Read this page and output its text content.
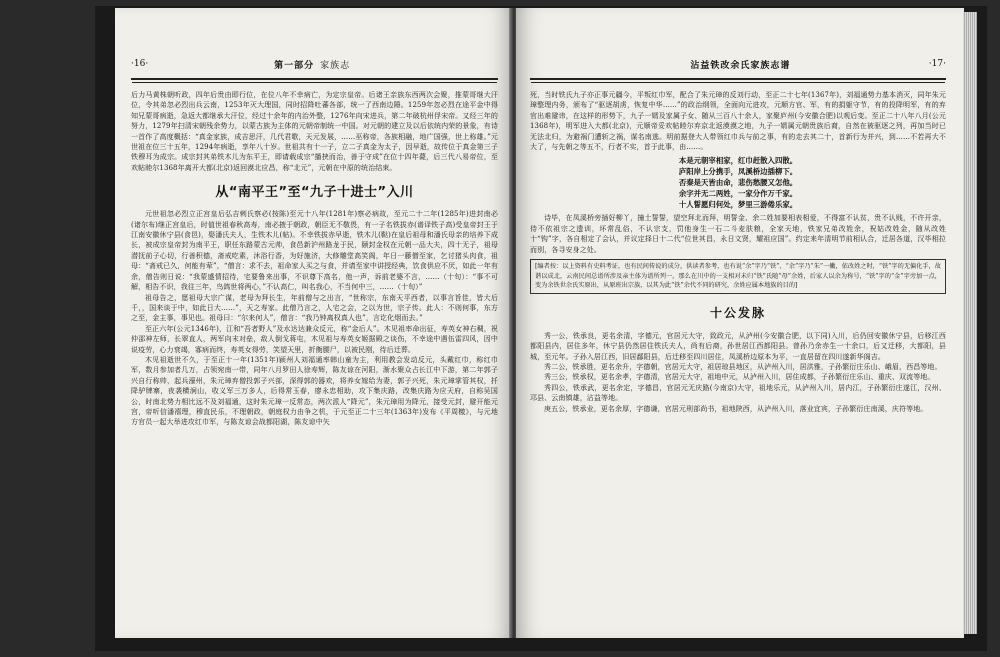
·16·	第一部分 家族志

后力马黄株朝听政，四年后贵由即行位，在位八年不幸病亡，为定宗皇帝。后诸王亲族东西两次会聚，推蒙哥继大汗位，令其弟忽必烈出兵云南，1253年灭大理国，同时招降吐蕃各部，统一了西南边陲。1259年忽必烈在途平金中得知兄蒙哥病逝，急返大都继承大汗位，经过十余年的内治外整，1276年向宋进兵，第二年破杭州俘宋帝。又经三年的努力，1279年扫清宋朝残余势力，以蒙古族为主体的元朝帝制统一中国。对元朝的建立及以后依统内荣的景象，有诗一首作了高度概括：“真金家族，成吉思汗，几代君歌，天元发展，……巫称帝，各族相融，地广国强，世上称雄。”元世祖在位三十五年，1294年病逝，享年八十岁。世祖共有十一子，立二子真金为太子，因早逝，故传位于真金第三子铁穆耳为成宗。成宗封其弟铁木儿为东平王，即请载成宗“播挟而治，善于守成”在位十四年薨，后三代八易帝位，至欢帖睦尔1368年离开大都(北京)返回漠北应昌，称“北元”，元朝在中原的统治结束。

从“南平王”至“九子十进士”入川

元世祖忽必烈立正宫皇后弘吉剌氏察必(按陈)至元十八年(1281年)察必病故，至元二十二年(1285年)进封南必(诸尔布)继正宫皇后，时值世祖春秋高寿，南必掖于朝政，朝臣无不敬畏，有一子名铁拔赤(谱译铁子高)受皇帝封王于江南安徽休宁县(食邑)，娶潘氏夫人，生铁木儿(帖)。不幸铁拔赤早逝，铁木儿(鞑)在皇后祖母和潘氏母亲的培养下成长，被成宗皇帝封为南平王，职任东路蒙古元帅，食邑新沪州路龙于民，颐封金权在元朝一品大夫，四十无子，祖母潜抚前子心切，行善积德，斋戒吃素，沐浴行香，为好施济，大修雕堂高笑阁，年日一藤僧至家，乞讨猪头肉食，祖母：“斋戒已久，何能有荤”，“僧言：求不去，祖命家人买之与食，并请至家中讲授经典，饮食供应不厌，如此一年有余，僧告则日说：“我蒙盛情招待，宅要鲁来出事，不识尊下高名，他一声，诉前老婆不言，……（十旬）：“事不可解，相告不识，我往三年，鸟鸽世将两心，”不认高仁，叫名我心，不当何中三，……（十旬）”

祖母告之，愿祖母大宗广谋，老母为拜长生，年前僧与之出言，“世称宗，东南天平西者，以事言旨佳，皆大后千，，国来谈于中，如此日大……”，天之寿家。此僧乃言之，人宅之会，之以为世，宗子传。此人：不则何事，东方之至，金主事，事见也。祖母曰：“尔来何人”，僧言：“我乃钟离权真人也”，言讫化烟而去。”

至正六年(公元1346年)，江和“吾者野人”及水达达兼众反元，称“金后人”。木见祖率命出征，寿英女神右稠，祝仲邵神左师，长翠直人，两军向末对垒，敌人倒戈蒋屯，木见祖与寿英女姬据殿之谈伤，不幸途中遇伍雷四风，因中说疫劳，心力衰竭，寡病而终，寿英女得劳，笑望天里，折衡腰尸，以被民刚，待后迁葬。

木见祖逝世不久，于至正十一年(1351年)颍州人刘福通率韩山童为主，利用教会发动反元，头戴红巾，称红巾军，数月参加者几万，占领宛南一带，同年八月罗田人徐寿辉，陈友谅在河阳，渐水聚众占长江中下游，第二年郭子兴自行称帅，起兵濠州，朱元璋弃僧投郭子兴部，深得郭的器欢，将养女嫁给为妻，郭子兴死，朱元璋掌管其权，扦降驴牌寨，夜袭横涧山，收义军三万多人，后得常玉春，廖永忠相助，攻下集庆路，改集庆路为应天府，自称吴国公，时南北势力相比远不及刘福通，这时朱元璋一反常态，两次派人“降元”，朱元璋用为降元，接受元封，避开能元宫，帝听信潘禧理，穆直民乐，不理朝政，朝庭权力由争之机，于元至正二十三年(1363年)发布《平周檄》，与元地方官员一起大举进攻红巾军，与陈友谅会战都阳湖，陈友谅中矢

沾益铁改余氏家族志谱	·17·

死，当时铁氏九子亦正事元疆今，平叛红巾军，配合了朱元璋的反刘行动，至正二十七年(1367年)，刘福通势力基本消灭，同年朱元璋整理内务，颁布了“驱逐胡虏，恢复中华……”的政治纲领，全面向元进攻，元顺方官、军，有的捐躯守节，有的投降明军，有的弃官出难避讳，在这样的形势下，九子一婿及家属子女、随从三百八十余人，家聚庐州(今安徽合肥)以观后变。至正二十八年八月(公元1368年)，明军进入大都(北京)，元顺帝妥欢帖睦尔弃京北返漠漠之地，九子一婿属元朝贵族后裔，自然在被驱逐之列，再加当时已无法北归，为避祸门遭斩之祸，谋名南逃。明前据登大人带领红巾兵与前之事，有的走去其二十，首新行为并兴，到……不若再大不大了，与先朝之等五不，行者不实，首于此事，由……。

本是元朝宰相家，红巾赶散入四散。
庐阳岸上分携手，凤溪桥边插柳下。
否秦是天皆由命，悲伤愁腰又怎他。
余字并无二两姓，一家分作万千家。
十人誓愿归何处，梦里三游倦乐家。

诗毕，在凤溪桥旁插好柳丫，撞土誓誓，望空拜北而拜，明誓金、余二姓加要相表相爱，不得富不认贫，贵不认贱，不许开亲，侍不依祖宗之遗训，坏常乱俗，不认宗支，罚他身生一石二斗麦肤粮，全家天地，铁家兄弟改姓余，祝姑改姓金，随从改姓十“钩”字，各自相定了会认，并议定择日十二代“位世其昌，永日文贤，耀祖应国”。约定来年清明节前相认合，迁居各道，汉毕相拉而别，各寻安身之处。

[编者按：以上资料有史料考证，也有民间传说的成分，供读者参考，也有说“余”字乃“铁”、“余”字乃“朱”一撇，依改姓之时，“铁”字的无偏化手，故谐以成北，云南民间总谱所涉及亲主体为谱所列一，那么在川中的一支相对未归“铁”氏随“母”余姓，后家人以余为称号，“铁”字的“金”字旁加一点，变为余铁世余氏实原出，从原班出宗族，以其为此“铁”余代不同的研究，余姓应属本地族的目的]
十公发脉

秀一公，铁承良，更名余清，字德元，官居元大守，致政元，从泸州(今安徽合肥，以下同)入川，后仍回安徽休宁县，后移江西都阳县内，居住多年，休宁县仍然居住铁氏夫人，尚有后裔，孙世居江西都阳县。曾孙乃余赤生一十余口，后又迁移，大都阳，县城，至元年。子孙入居江西，旧居鄱阳县，后迁移至四川居住，凤溪桥边原本为平，一直居留在四川遂新华阁吉。

秀二公，铁承胜，更名余升，字德朝，官居元大守，祖居琼县地区，从泸州入川，居洪雅，子孙繁衍庄乐山、峨眉，西昌等地。

秀三公，铁承权，更名余孝，字德清，官居元大守，祖地中元，从泸州入川，居住成都，子孙繁衍庄乐山、重庆、双流等地。

秀四公，铁承武，更名余定，字德昌，官居元无庆路(今南京)大守，祖地乐元，从泸州入川，居内江，子孙繁衍庄遂江，汉州、邛县、云南镇雄，沾益等地。

庚五公，铁承业，更名余厚，字德谦，官居元刑部尚书，祖地陕西，从泸州入川，落业宜宾，子孙繁衍庄南溪，庆符等地。
